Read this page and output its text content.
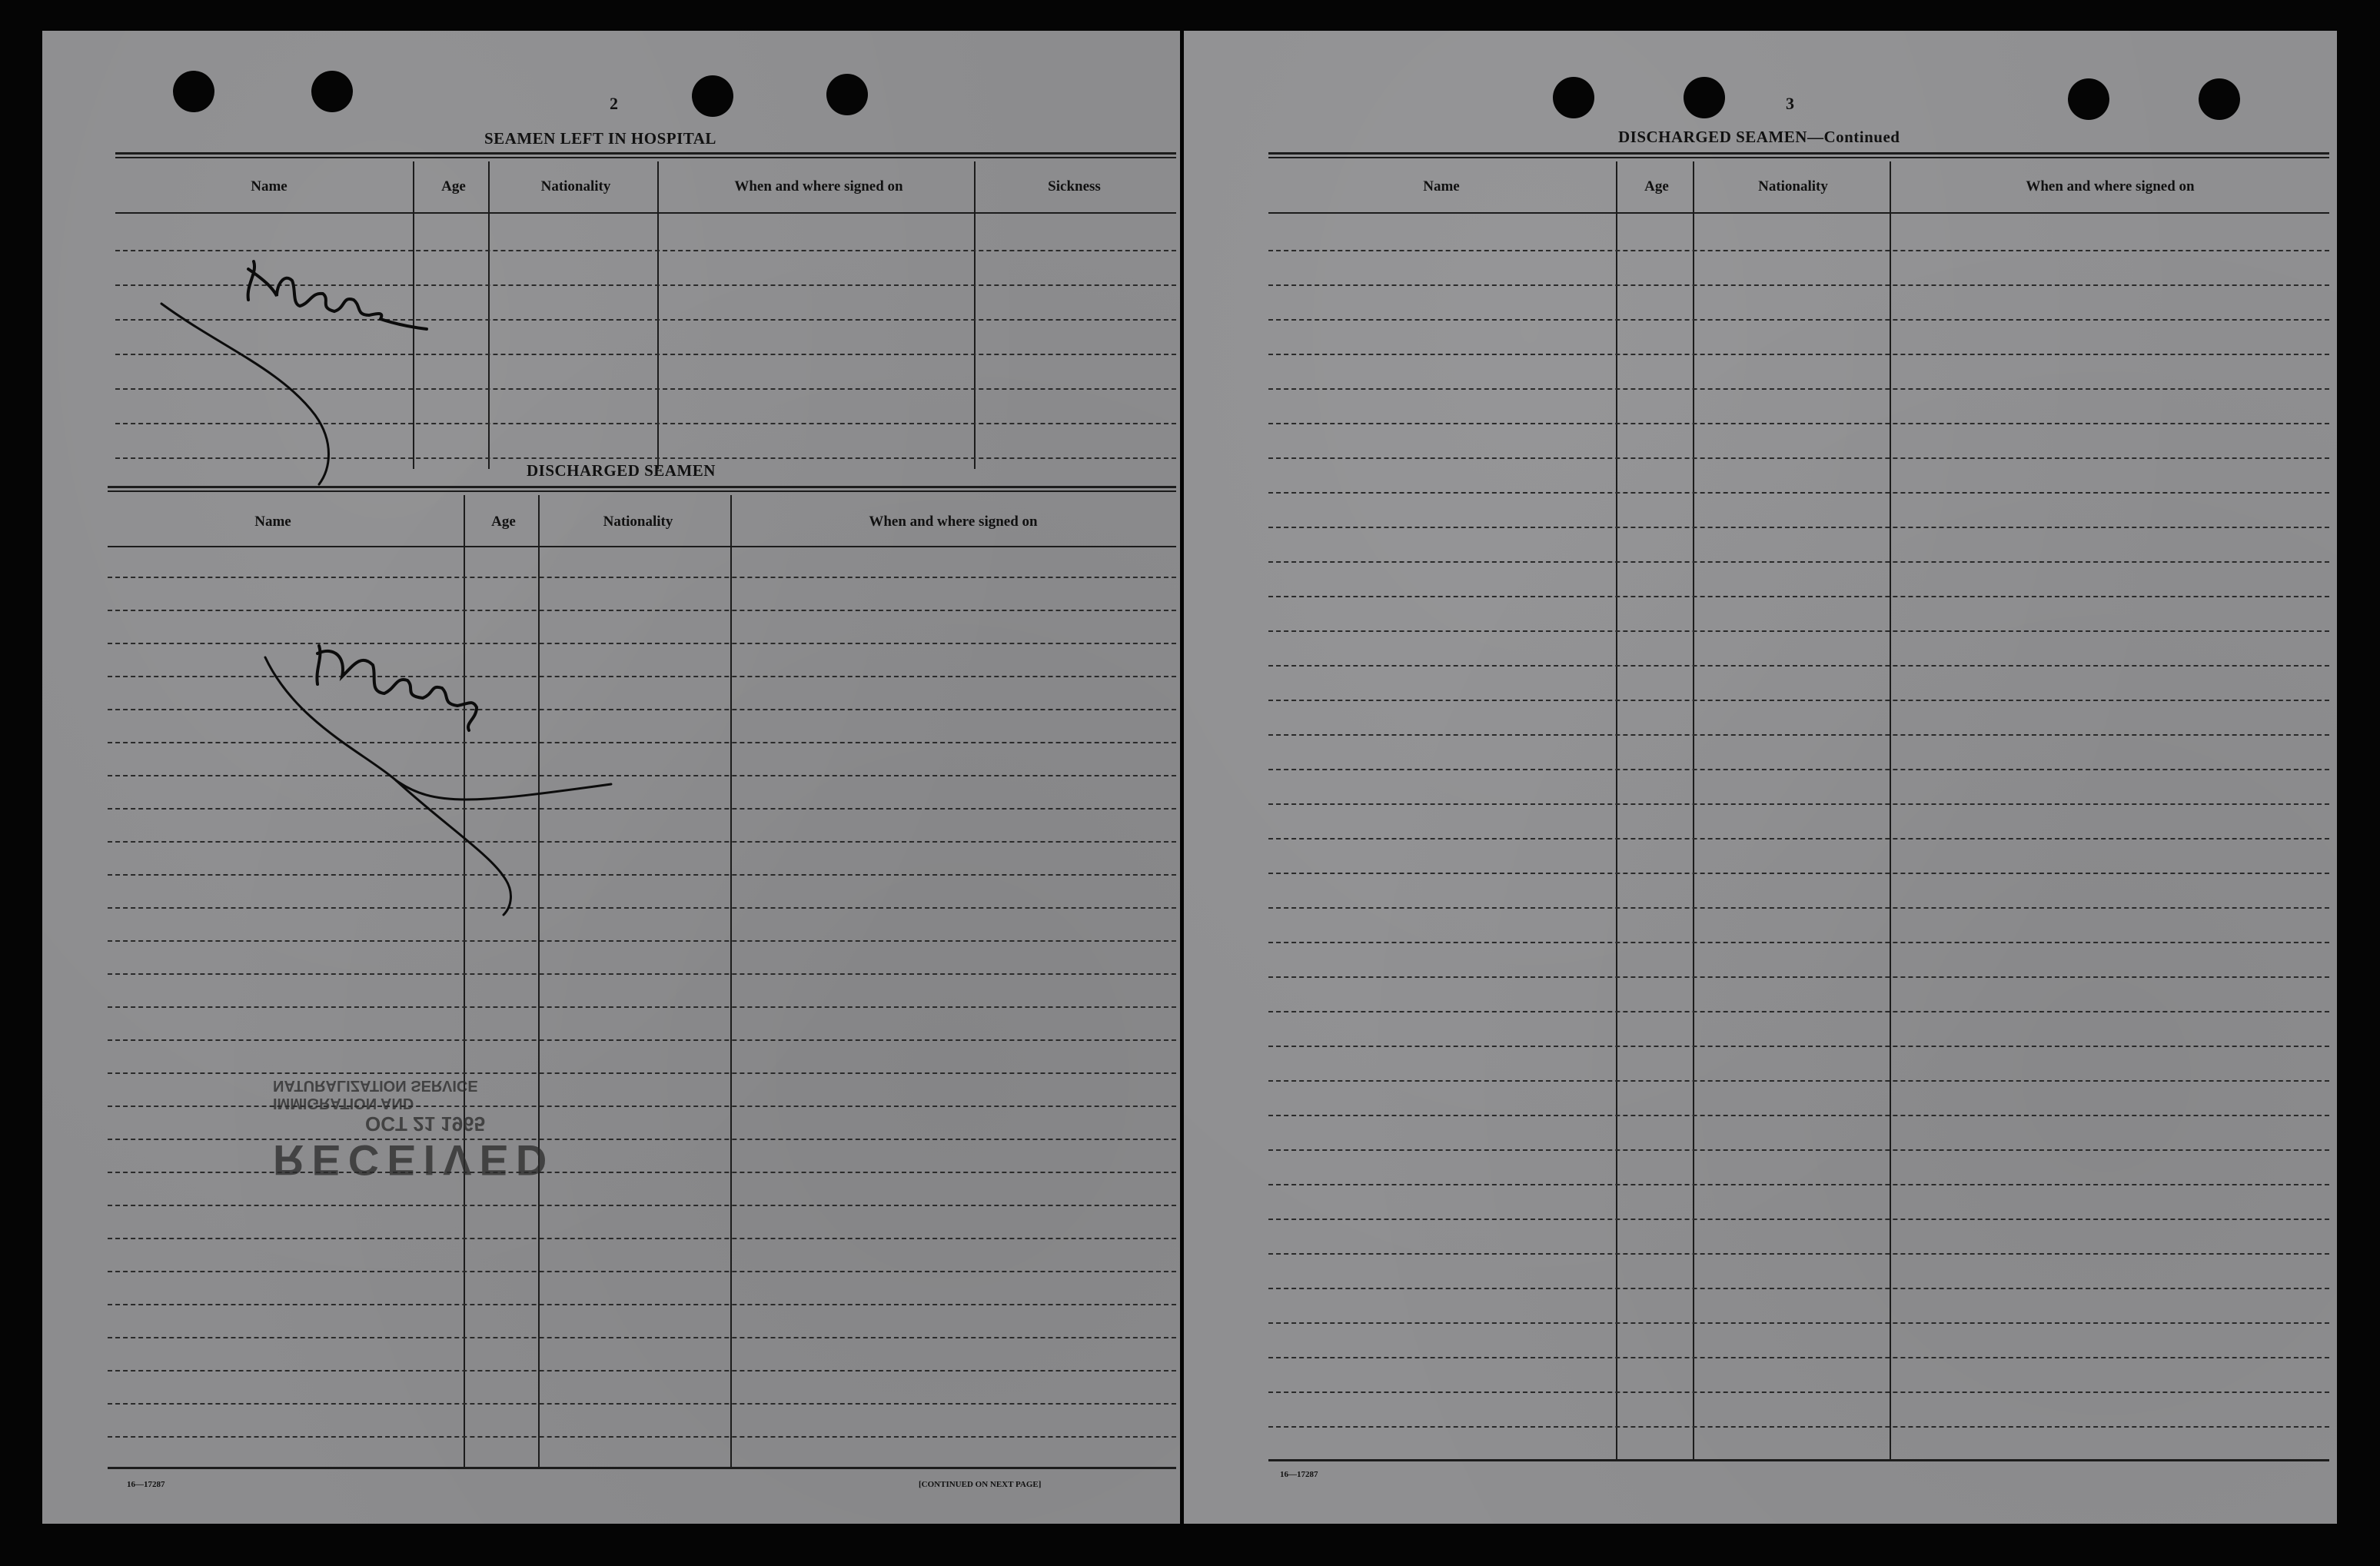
2
SEAMEN LEFT IN HOSPITAL
Name	Age	Nationality	When and where signed on	Sickness
DISCHARGED SEAMEN
Name	Age	Nationality	When and where signed on
RECEIVED
OCT 21 1965
IMMIGRATION AND NATURALIZATION SERVICE
16—17287	[CONTINUED ON NEXT PAGE]
3
DISCHARGED SEAMEN—Continued
Name	Age	Nationality	When and where signed on
16—17287
